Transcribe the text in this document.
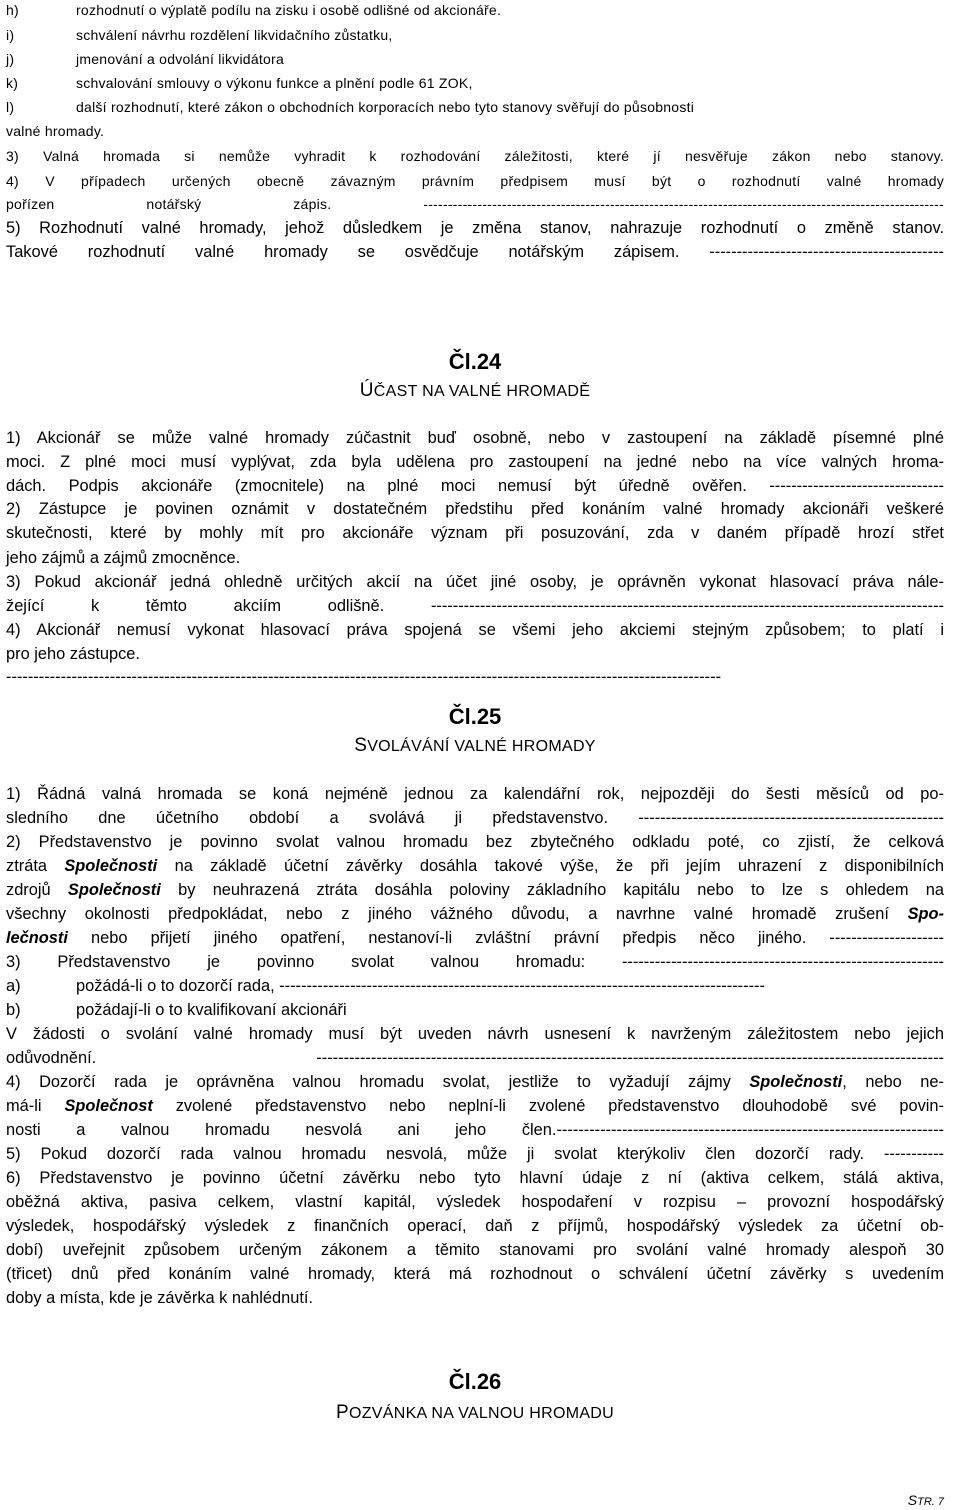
h)	rozhodnutí o výplatě podílu na zisku i osobě odlišné od akcionáře.
i)	schválení návrhu rozdělení likvidačního zůstatku,
j)	jmenování a odvolání likvidátora
k)	schvalování smlouvy o výkonu funkce a plnění podle 61 ZOK,
l)	další rozhodnutí, které zákon o obchodních korporacích nebo tyto stanovy svěřují do působnosti
valné hromady.
3) Valná hromada si nemůže vyhradit k rozhodování záležitosti, které jí nesvěřuje zákon nebo stanovy.
4) V případech určených obecně závazným právním předpisem musí být o rozhodnutí valné hromady
pořízen notářský zápis. ----------------------------------------------------------------------------------------------------------
5) Rozhodnutí valné hromady, jehož důsledkem je změna stanov, nahrazuje rozhodnutí o změně stanov.
Takové rozhodnutí valné hromady se osvědčuje notářským zápisem. -------------------------------------------
Čl.24
ÚČAST NA VALNÉ HROMADĚ
1) Akcionář se může valné hromady zúčastnit buď osobně, nebo v zastoupení na základě písemné plné
moci. Z plné moci musí vyplývat, zda byla udělena pro zastoupení na jedné nebo na více valných hroma-
dách. Podpis akcionáře (zmocnitele) na plné moci nemusí být úředně ověřen. --------------------------------
2) Zástupce je povinen oznámit v dostatečném předstihu před konáním valné hromady akcionáři veškeré
skutečnosti, které by mohly mít pro akcionáře význam při posuzování, zda v daném případě hrozí střet
jeho zájmů a zájmů zmocněnce.
3) Pokud akcionář jedná ohledně určitých akcií na účet jiné osoby, je oprávněn vykonat hlasovací práva nále-
žející k těmto akciím odlišně. ----------------------------------------------------------------------------------------------
4) Akcionář nemusí vykonat hlasovací práva spojená se všemi jeho akciemi stejným způsobem; to platí i
pro jeho zástupce.
-----------------------------------------------------------------------------------------------------------------------------------
Čl.25
SVOLÁVÁNÍ VALNÉ HROMADY
1) Řádná valná hromada se koná nejméně jednou za kalendářní rok, nejpozději do šesti měsíců od po-
sledního dne účetního období a svolává ji představenstvo. --------------------------------------------------------
2) Představenstvo je povinno svolat valnou hromadu bez zbytečného odkladu poté, co zjistí, že celková
ztráta Společnosti na základě účetní závěrky dosáhla takové výše, že při jejím uhrazení z disponibilních
zdrojů Společnosti by neuhrazená ztráta dosáhla poloviny základního kapitálu nebo to lze s ohledem na
všechny okolnosti předpokládat, nebo z jiného vážného důvodu, a navrhne valné hromadě zrušení Spo-
lečnosti nebo přijetí jiného opatření, nestanoví-li zvláštní právní předpis něco jiného. ---------------------
3) Představenstvo je povinno svolat valnou hromadu: -----------------------------------------------------------
a)	požádá-li o to dozorčí rada, -----------------------------------------------------------------------------------------
b)	požádají-li o to kvalifikovaní akcionáři
V žádosti o svolání valné hromady musí být uveden návrh usnesení k navrženým záležitostem nebo jejich
odůvodnění. -------------------------------------------------------------------------------------------------------------------
4) Dozorčí rada je oprávněna valnou hromadu svolat, jestliže to vyžadují zájmy Společnosti, nebo ne-
má-li Společnost zvolené představenstvo nebo neplní-li zvolené představenstvo dlouhodobě své povin-
nosti a valnou hromadu nesvolá ani jeho člen.-----------------------------------------------------------------------
5) Pokud dozorčí rada valnou hromadu nesvolá, může ji svolat kterýkoliv člen dozorčí rady. -----------
6) Představenstvo je povinno účetní závěrku nebo tyto hlavní údaje z ní (aktiva celkem, stálá aktiva,
oběžná aktiva, pasiva celkem, vlastní kapitál, výsledek hospodaření v rozpisu – provozní hospodářský
výsledek, hospodářský výsledek z finančních operací, daň z příjmů, hospodářský výsledek za účetní ob-
dobí) uveřejnit způsobem určeným zákonem a těmito stanovami pro svolání valné hromady alespoň 30
(třicet) dnů před konáním valné hromady, která má rozhodnout o schválení účetní závěrky s uvedením
doby a místa, kde je závěrka k nahlédnutí.
Čl.26
POZVÁNKA NA VALNOU HROMADU
STR. 7
